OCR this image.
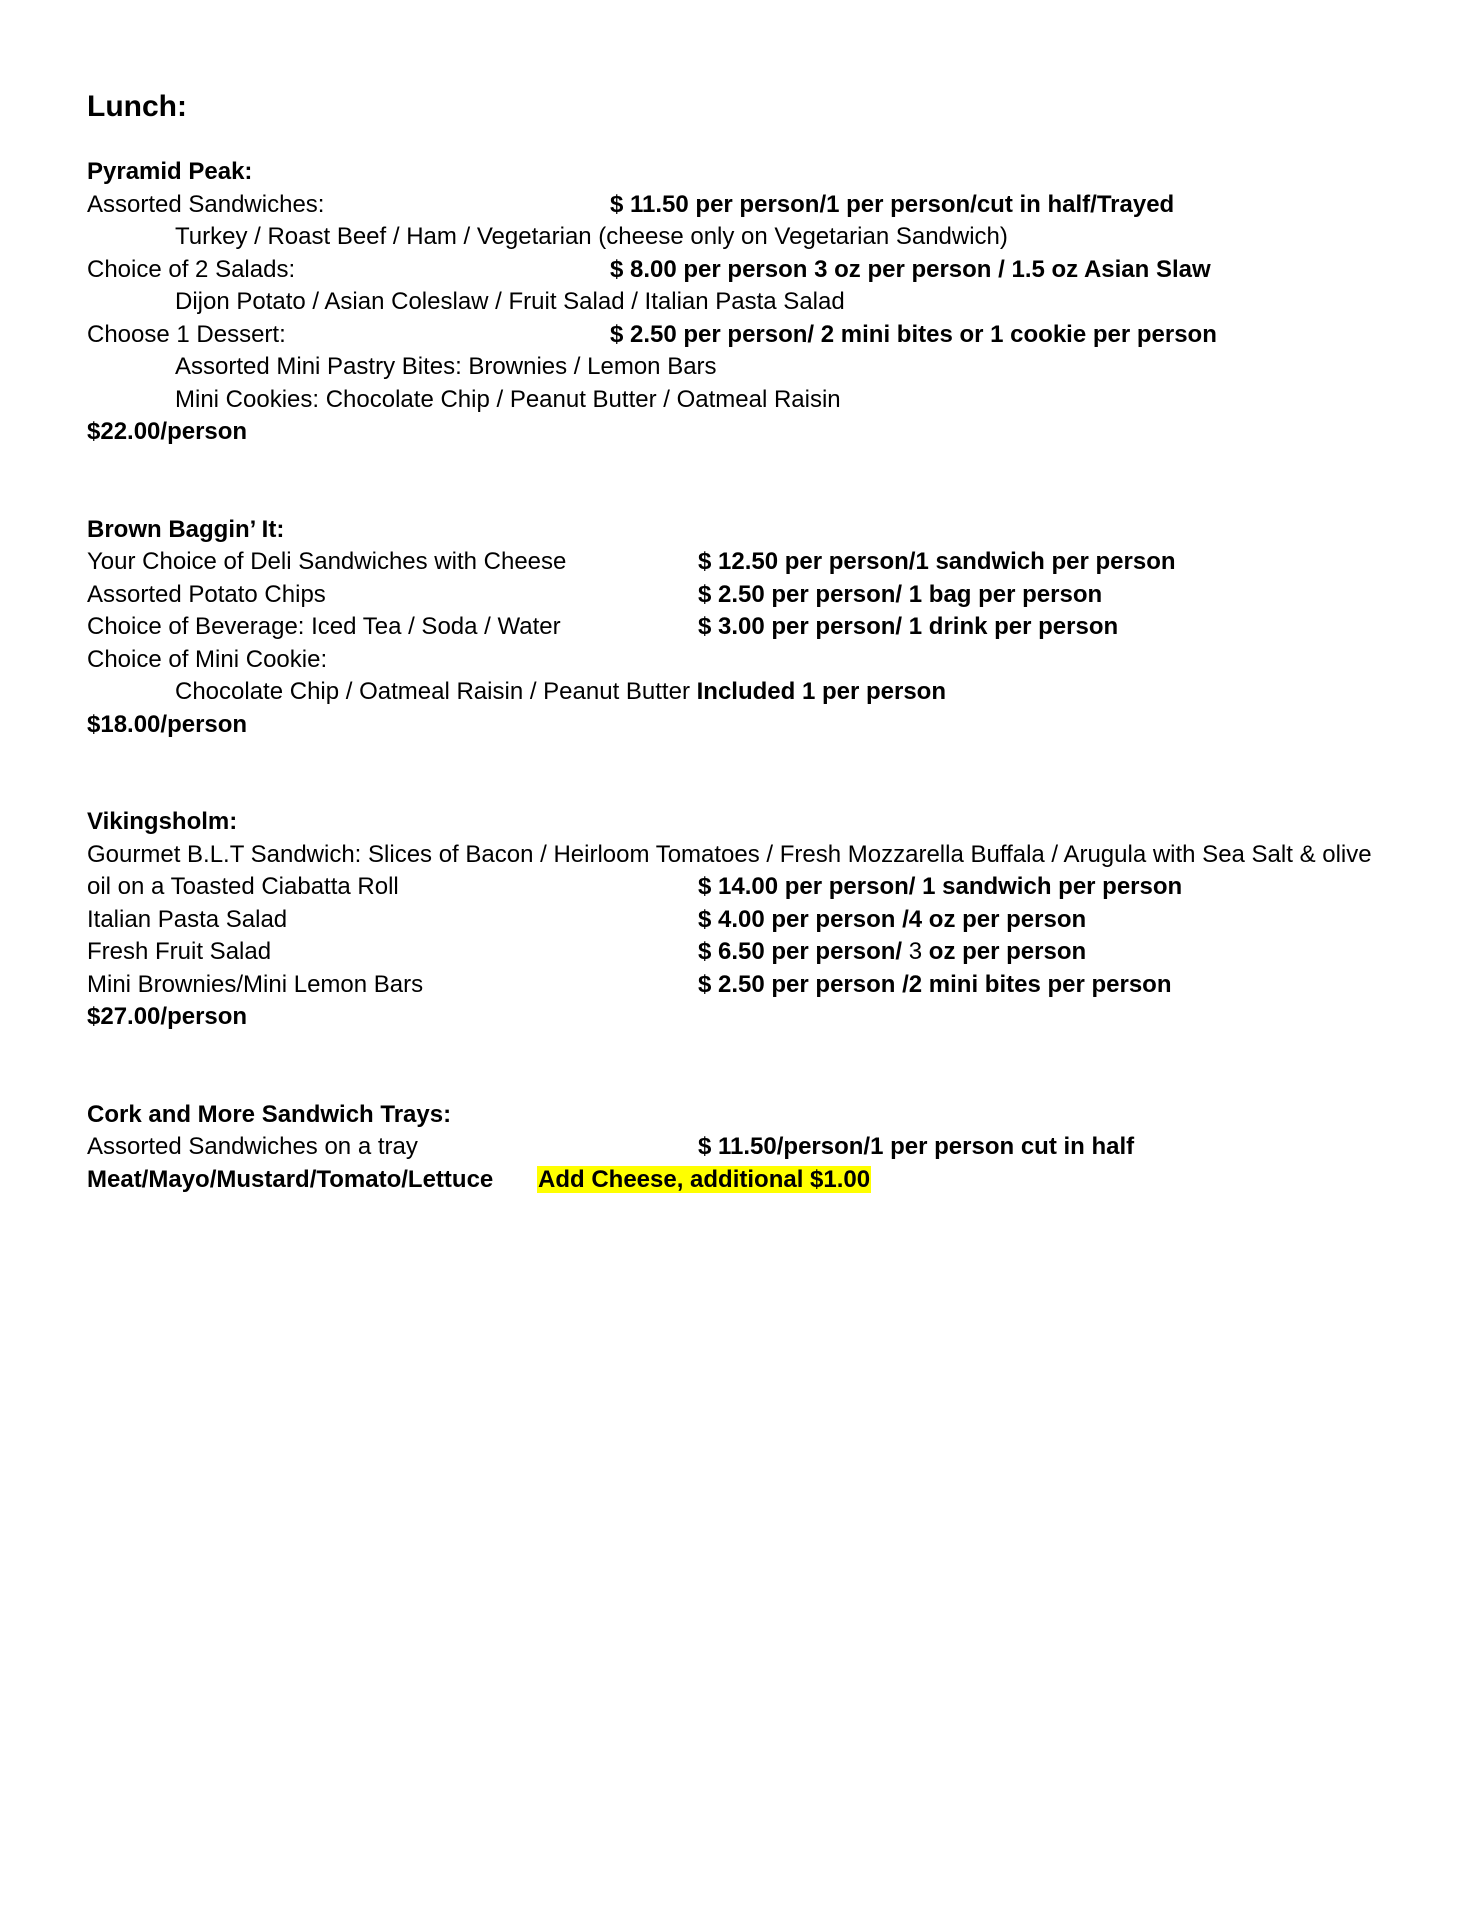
Lunch:
Pyramid Peak:
Assorted Sandwiches:	$ 11.50 per person/1 per person/cut in half/Trayed
Turkey / Roast Beef / Ham / Vegetarian (cheese only on Vegetarian Sandwich)
Choice of 2 Salads:	$ 8.00 per person 3 oz per person / 1.5 oz Asian Slaw
Dijon Potato / Asian Coleslaw / Fruit Salad / Italian Pasta Salad
Choose 1 Dessert:	$ 2.50 per person/ 2 mini bites or 1 cookie per person
Assorted Mini Pastry Bites: Brownies / Lemon Bars
Mini Cookies: Chocolate Chip / Peanut Butter / Oatmeal Raisin
$22.00/person
Brown Baggin’ It:
Your Choice of Deli Sandwiches with Cheese	$ 12.50 per person/1 sandwich per person
Assorted Potato Chips	$ 2.50 per person/ 1 bag per person
Choice of Beverage: Iced Tea / Soda / Water	$ 3.00 per person/ 1 drink per person
Choice of Mini Cookie:
Chocolate Chip / Oatmeal Raisin / Peanut Butter Included 1 per person
$18.00/person
Vikingsholm:
Gourmet B.L.T Sandwich: Slices of Bacon / Heirloom Tomatoes / Fresh Mozzarella Buffala / Arugula with Sea Salt & olive
oil on a Toasted Ciabatta Roll	$ 14.00 per person/ 1 sandwich per person
Italian Pasta Salad	$ 4.00 per person /4 oz per person
Fresh Fruit Salad	$ 6.50 per person/ 3 oz per person
Mini Brownies/Mini Lemon Bars	$ 2.50 per person /2 mini bites per person
$27.00/person
Cork and More Sandwich Trays:
Assorted Sandwiches on a tray	$ 11.50/person/1 per person cut in half
Meat/Mayo/Mustard/Tomato/Lettuce Add Cheese, additional $1.00
